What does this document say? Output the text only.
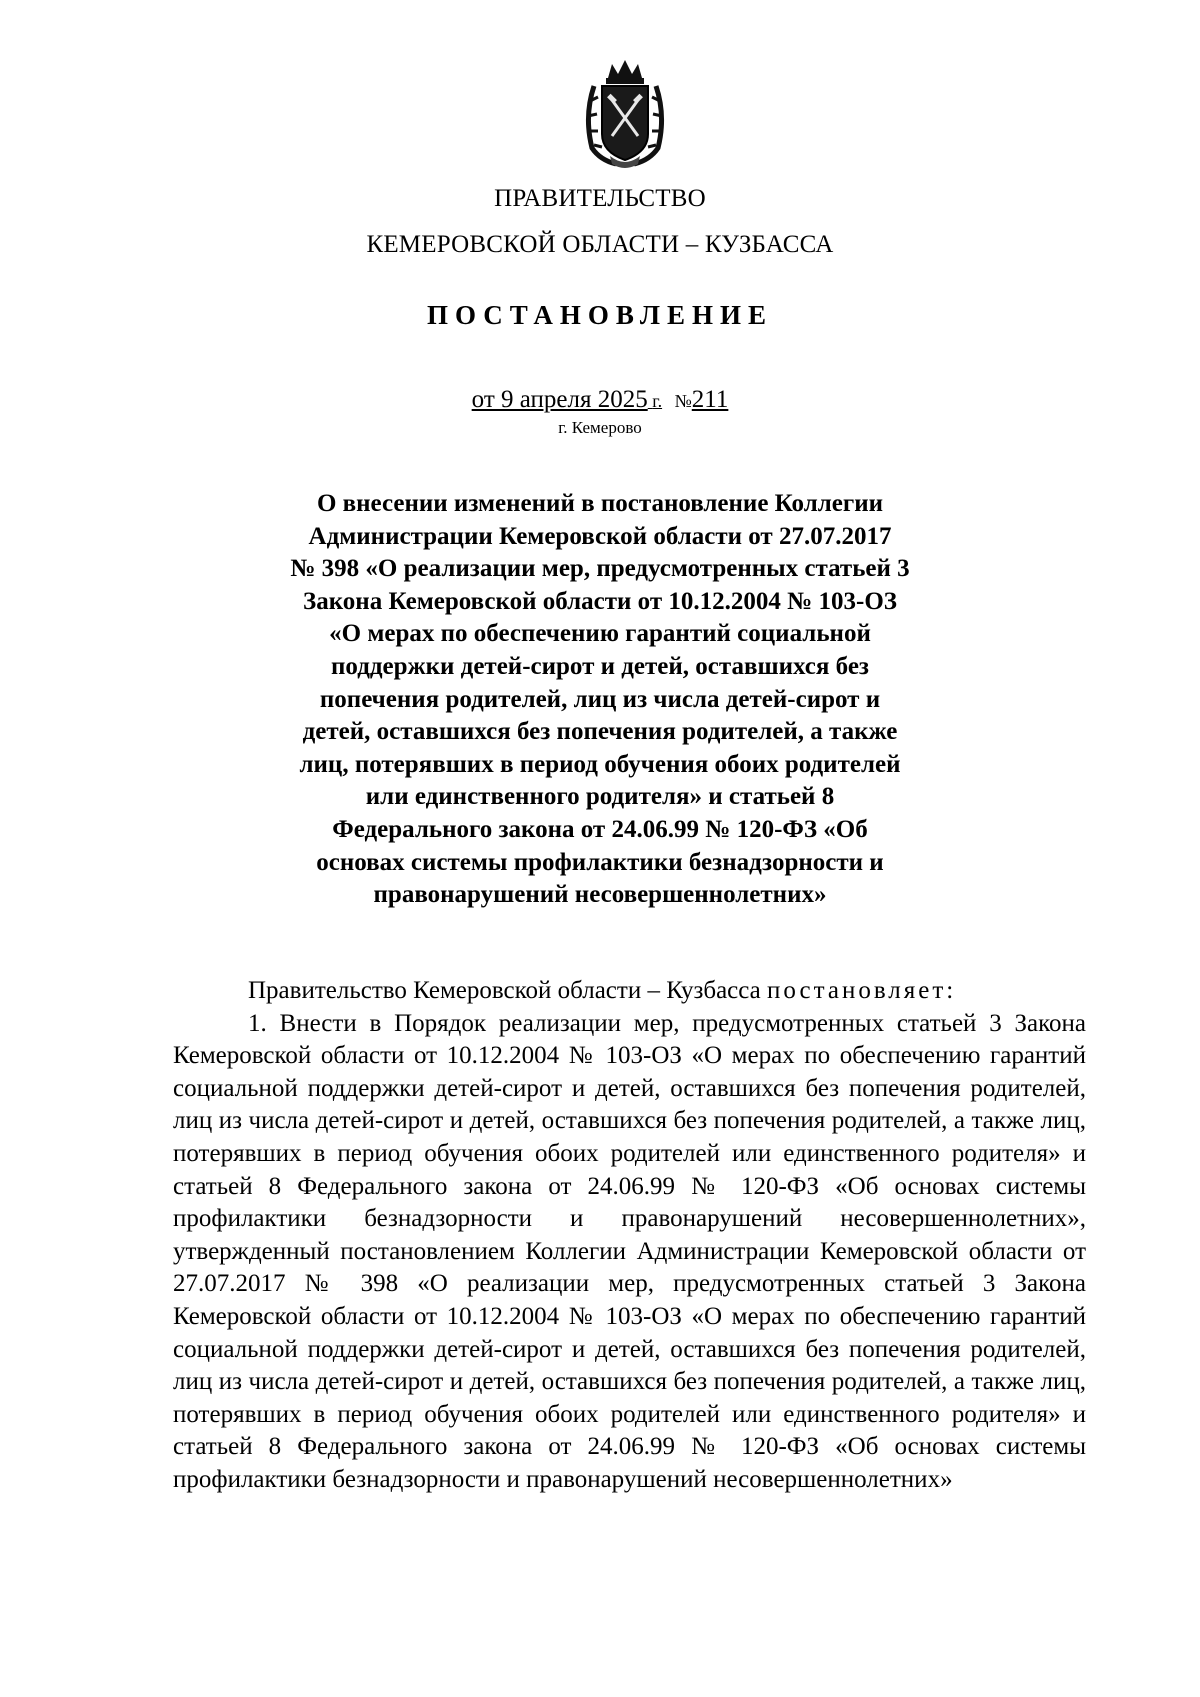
ПРАВИТЕЛЬСТВО
КЕМЕРОВСКОЙ ОБЛАСТИ – КУЗБАССА
ПОСТАНОВЛЕНИЕ
от 9 апреля 2025 г. №211
г. Кемерово
О внесении изменений в постановление Коллегии
Администрации Кемеровской области от 27.07.2017
№ 398 «О реализации мер, предусмотренных статьей 3
Закона Кемеровской области от 10.12.2004 № 103-ОЗ
«О мерах по обеспечению гарантий социальной
поддержки детей-сирот и детей, оставшихся без
попечения родителей, лиц из числа детей-сирот и
детей, оставшихся без попечения родителей, а также
лиц, потерявших в период обучения обоих родителей
или единственного родителя» и статьей 8
Федерального закона от 24.06.99 № 120-ФЗ «Об
основах системы профилактики безнадзорности и
правонарушений несовершеннолетних»

Правительство Кемеровской области – Кузбасса постановляет:

1. Внести в Порядок реализации мер, предусмотренных статьей 3 Закона Кемеровской области от 10.12.2004 № 103-ОЗ «О мерах по обеспечению гарантий социальной поддержки детей-сирот и детей, оставшихся без попечения родителей, лиц из числа детей-сирот и детей, оставшихся без попечения родителей, а также лиц, потерявших в период обучения обоих родителей или единственного родителя» и статьей 8 Федерального закона от 24.06.99 № 120-ФЗ «Об основах системы профилактики безнадзорности и правонарушений несовершеннолетних», утвержденный постановлением Коллегии Администрации Кемеровской области от 27.07.2017 № 398 «О реализации мер, предусмотренных статьей 3 Закона Кемеровской области от 10.12.2004 № 103-ОЗ «О мерах по обеспечению гарантий социальной поддержки детей-сирот и детей, оставшихся без попечения родителей, лиц из числа детей-сирот и детей, оставшихся без попечения родителей, а также лиц, потерявших в период обучения обоих родителей или единственного родителя» и статьей 8 Федерального закона от 24.06.99 № 120-ФЗ «Об основах системы профилактики безнадзорности и правонарушений несовершеннолетних»
